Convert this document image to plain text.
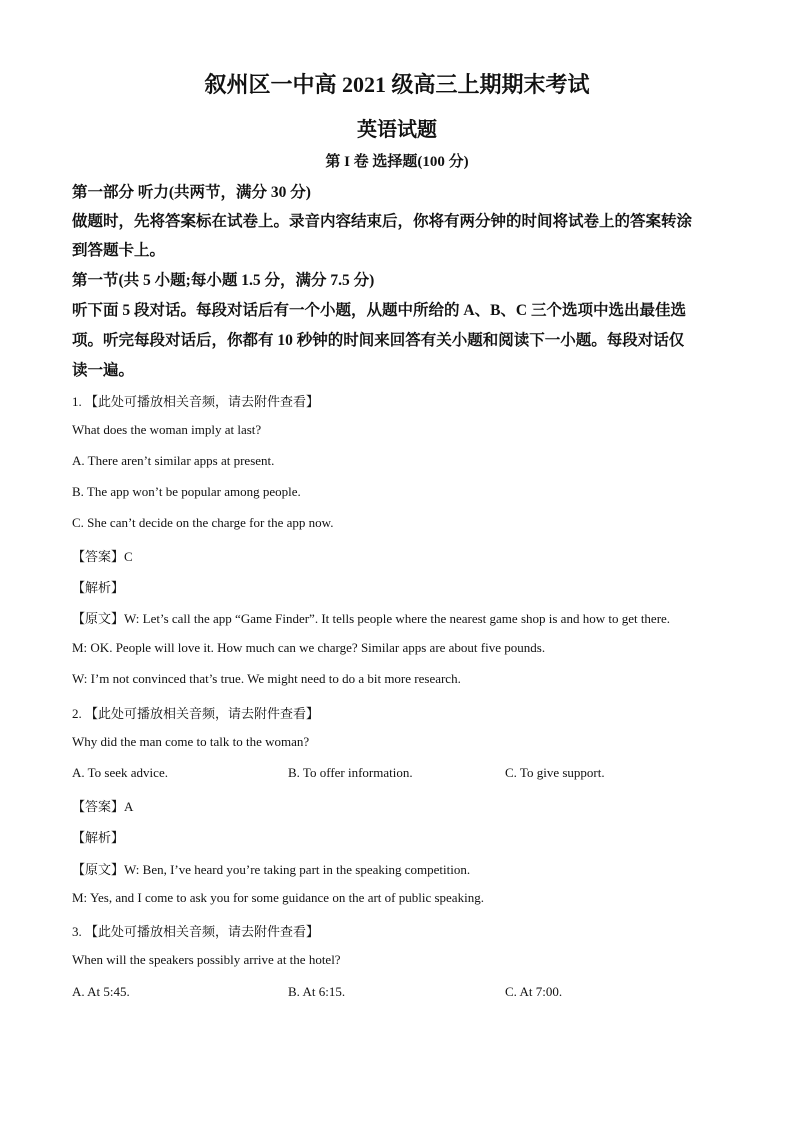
叙州区一中高 2021 级高三上期期末考试
英语试题
第 I 卷 选择题(100 分)
第一部分 听力(共两节，满分 30 分)
做题时，先将答案标在试卷上。录音内容结束后，你将有两分钟的时间将试卷上的答案转涂
到答题卡上。
第一节(共 5 小题;每小题 1.5 分，满分 7.5 分)
听下面 5 段对话。每段对话后有一个小题，从题中所给的 A、B、C 三个选项中选出最佳选
项。听完每段对话后，你都有 10 秒钟的时间来回答有关小题和阅读下一小题。每段对话仅
读一遍。
1. 【此处可播放相关音频，请去附件查看】
What does the woman imply at last?
A. There aren’t similar apps at present.
B. The app won’t be popular among people.
C. She can’t decide on the charge for the app now.
【答案】C
【解析】
【原文】W: Let’s call the app “Game Finder”. It tells people where the nearest game shop is and how to get there.
M: OK. People will love it. How much can we charge? Similar apps are about five pounds.
W: I’m not convinced that’s true. We might need to do a bit more research.
2. 【此处可播放相关音频，请去附件查看】
Why did the man come to talk to the woman?
A. To seek advice.	B. To offer information.	C. To give support.
【答案】A
【解析】
【原文】W: Ben, I’ve heard you’re taking part in the speaking competition.
M: Yes, and I come to ask you for some guidance on the art of public speaking.
3. 【此处可播放相关音频，请去附件查看】
When will the speakers possibly arrive at the hotel?
A. At 5:45.	B. At 6:15.	C. At 7:00.
